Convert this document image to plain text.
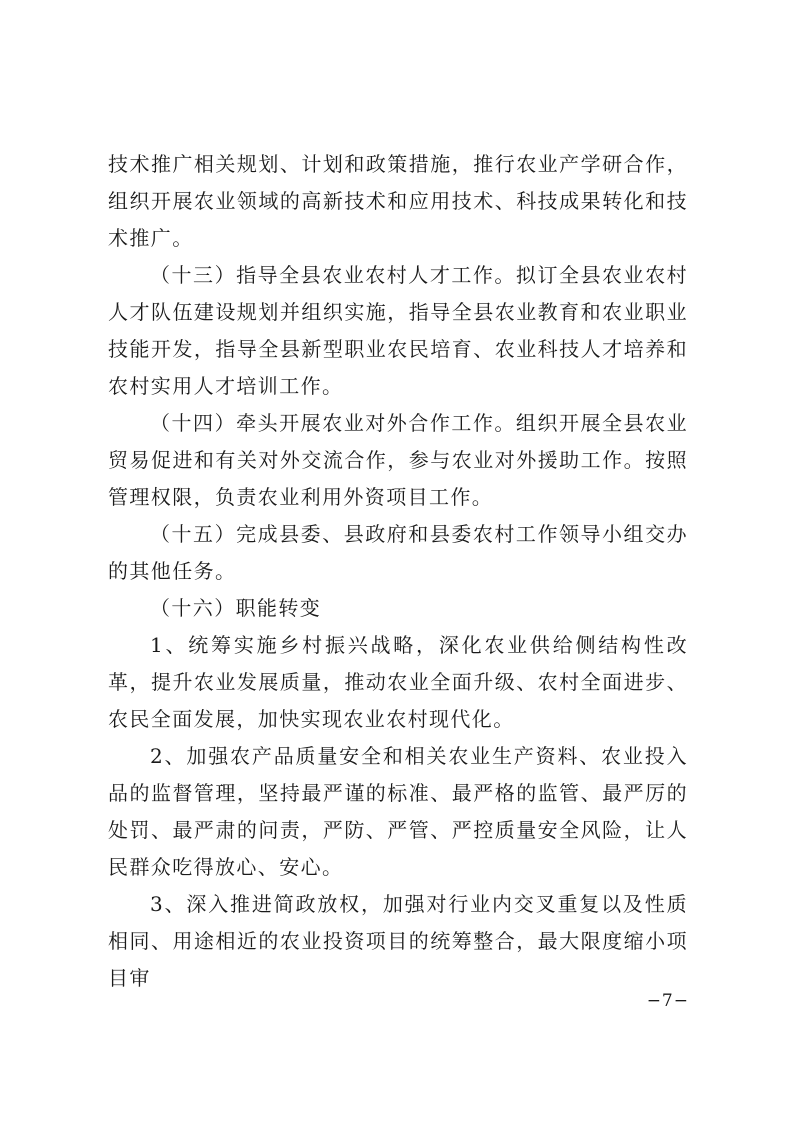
技术推广相关规划、计划和政策措施，推行农业产学研合作，组织开展农业领域的高新技术和应用技术、科技成果转化和技术推广。

（十三）指导全县农业农村人才工作。拟订全县农业农村人才队伍建设规划并组织实施，指导全县农业教育和农业职业技能开发，指导全县新型职业农民培育、农业科技人才培养和农村实用人才培训工作。

（十四）牵头开展农业对外合作工作。组织开展全县农业贸易促进和有关对外交流合作，参与农业对外援助工作。按照管理权限，负责农业利用外资项目工作。

（十五）完成县委、县政府和县委农村工作领导小组交办的其他任务。

（十六）职能转变

1、统筹实施乡村振兴战略，深化农业供给侧结构性改革，提升农业发展质量，推动农业全面升级、农村全面进步、农民全面发展，加快实现农业农村现代化。

2、加强农产品质量安全和相关农业生产资料、农业投入品的监督管理，坚持最严谨的标准、最严格的监管、最严厉的处罚、最严肃的问责，严防、严管、严控质量安全风险，让人民群众吃得放心、安心。

3、深入推进简政放权，加强对行业内交叉重复以及性质相同、用途相近的农业投资项目的统筹整合，最大限度缩小项目审

−7−
